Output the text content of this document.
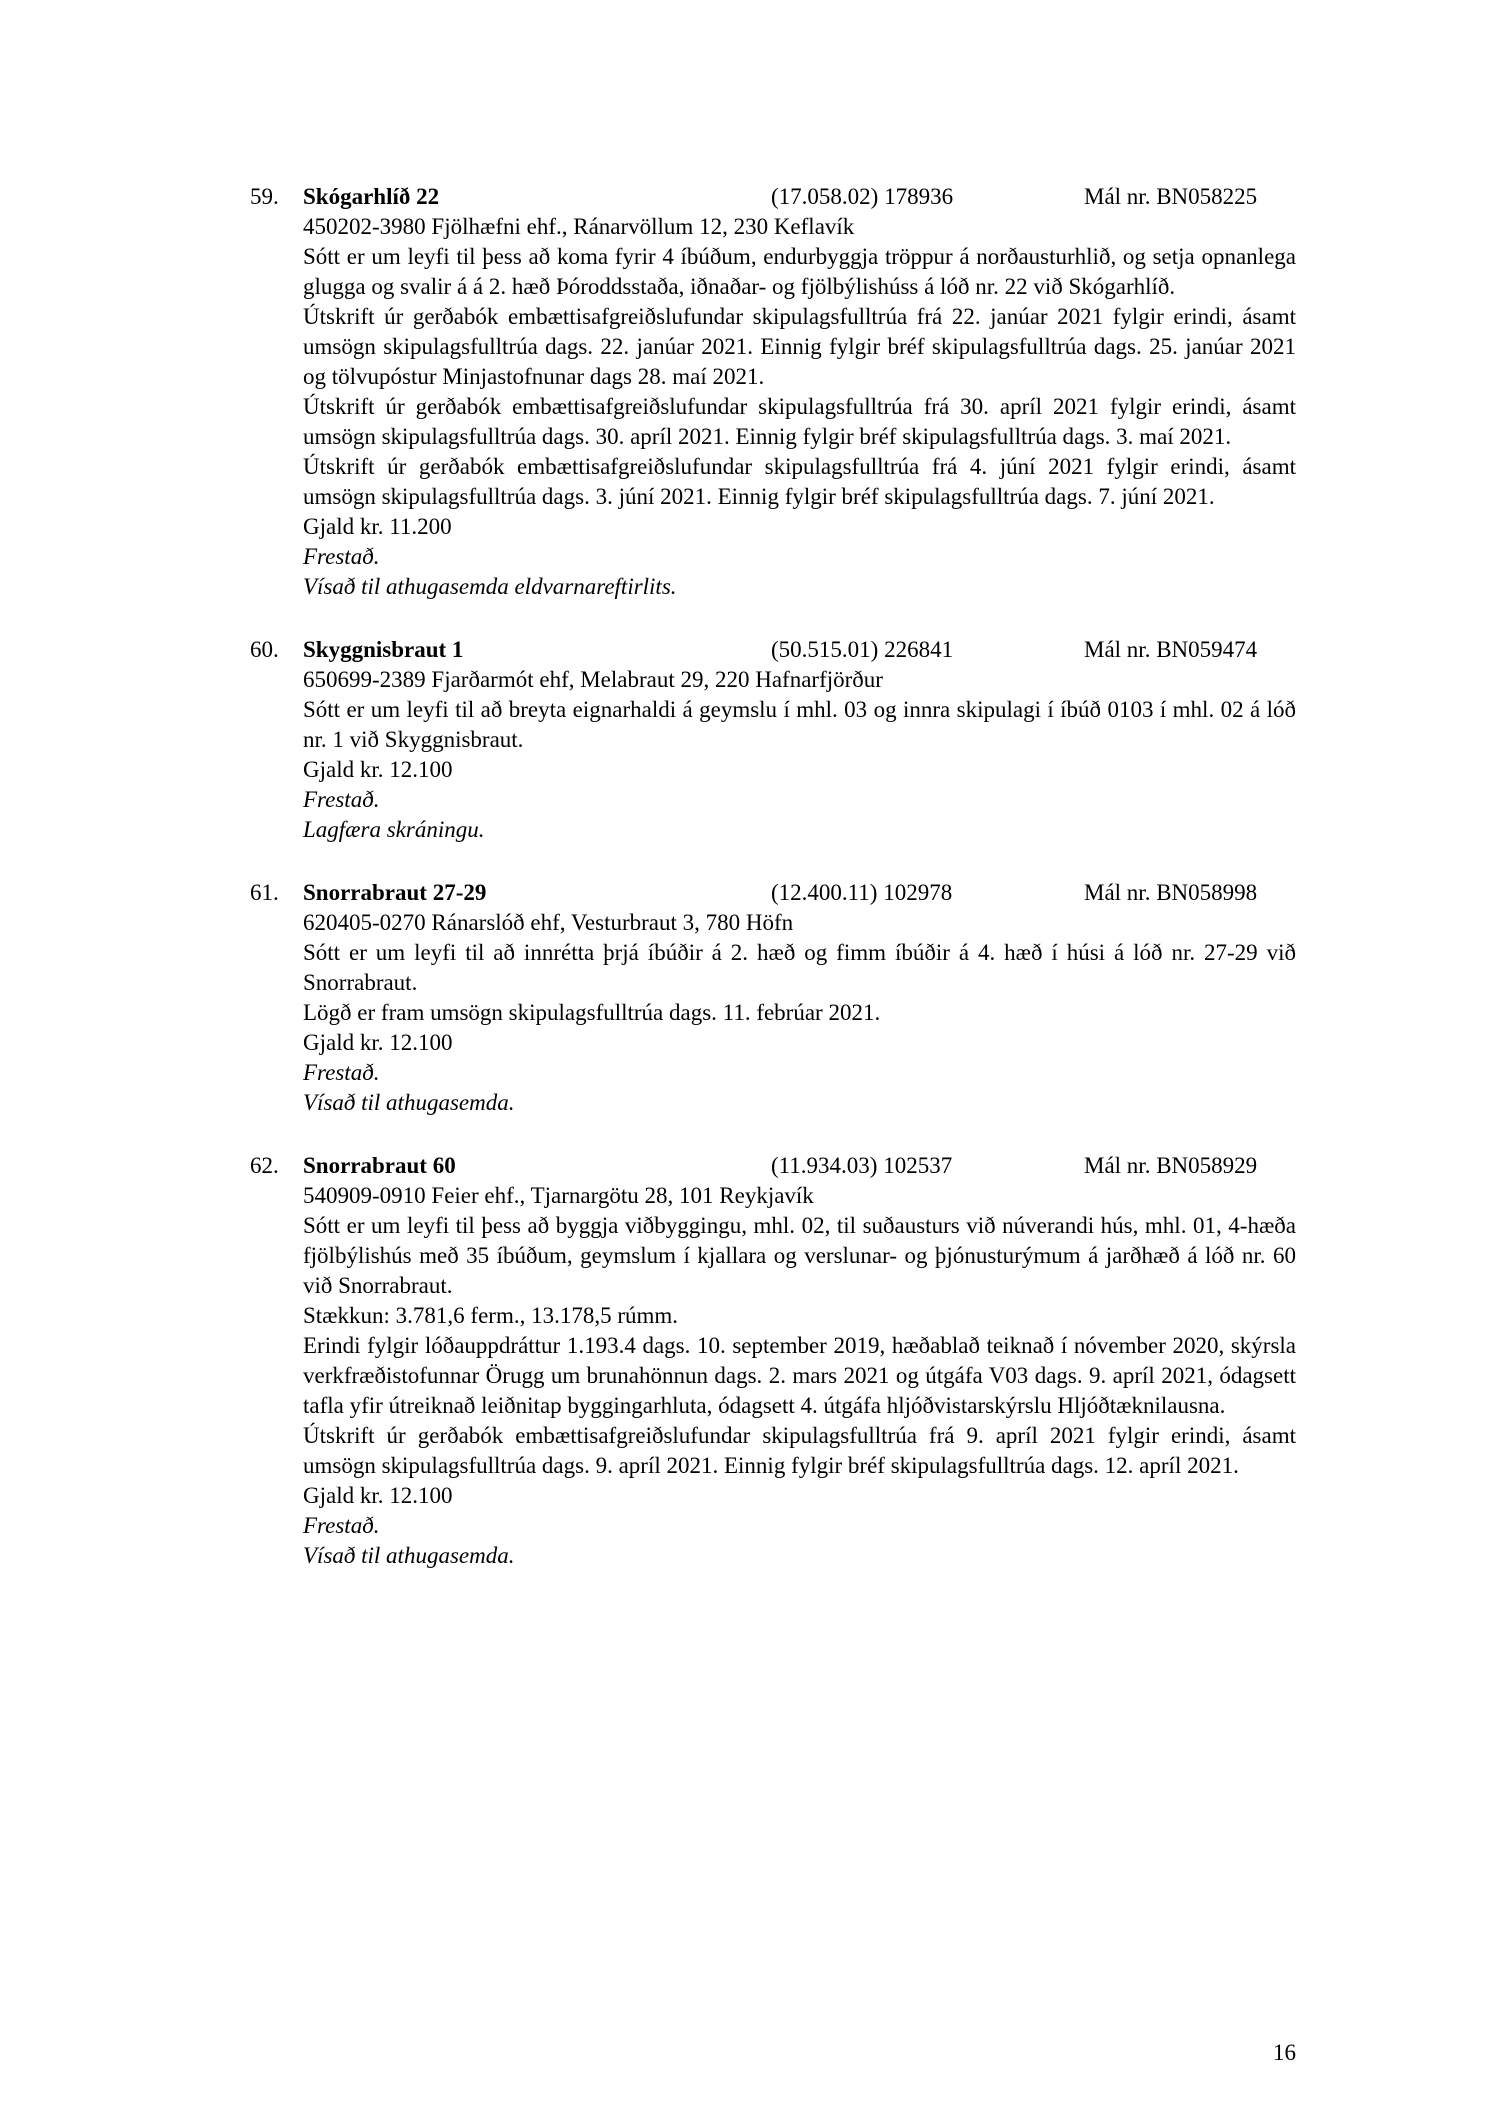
59.	Skógarhlíð 22	(17.058.02) 178936	Mál nr. BN058225

450202-3980 Fjölhæfni ehf., Ránarvöllum 12, 230 Keflavík

Sótt er um leyfi til þess að koma fyrir 4 íbúðum, endurbyggja tröppur á norðausturhlið, og setja opnanlega glugga og svalir á á 2. hæð Þóroddsstaða, iðnaðar- og fjölbýlishúss á lóð nr. 22 við Skógarhlíð.

Útskrift úr gerðabók embættisafgreiðslufundar skipulagsfulltrúa frá 22. janúar 2021 fylgir erindi, ásamt umsögn skipulagsfulltrúa dags. 22. janúar 2021. Einnig fylgir bréf skipulagsfulltrúa dags. 25. janúar 2021 og tölvupóstur Minjastofnunar dags 28. maí 2021.

Útskrift úr gerðabók embættisafgreiðslufundar skipulagsfulltrúa frá 30. apríl 2021 fylgir erindi, ásamt umsögn skipulagsfulltrúa dags. 30. apríl 2021. Einnig fylgir bréf skipulagsfulltrúa dags. 3. maí 2021.

Útskrift úr gerðabók embættisafgreiðslufundar skipulagsfulltrúa frá 4. júní 2021 fylgir erindi, ásamt umsögn skipulagsfulltrúa dags. 3. júní 2021. Einnig fylgir bréf skipulagsfulltrúa dags. 7. júní 2021.

Gjald kr. 11.200

Frestað.

Vísað til athugasemda eldvarnareftirlits.

60.	Skyggnisbraut 1	(50.515.01) 226841	Mál nr. BN059474

650699-2389 Fjarðarmót ehf, Melabraut 29, 220 Hafnarfjörður

Sótt er um leyfi til að breyta eignarhaldi á geymslu í mhl. 03 og innra skipulagi í íbúð 0103 í mhl. 02 á lóð nr. 1 við Skyggnisbraut.

Gjald kr. 12.100

Frestað.

Lagfæra skráningu.

61.	Snorrabraut 27-29	(12.400.11) 102978	Mál nr. BN058998

620405-0270 Ránarslóð ehf, Vesturbraut 3, 780 Höfn

Sótt er um leyfi til að innrétta þrjá íbúðir á 2. hæð og fimm íbúðir á 4. hæð í húsi á lóð nr. 27-29 við Snorrabraut.

Lögð er fram umsögn skipulagsfulltrúa dags. 11. febrúar 2021.

Gjald kr. 12.100

Frestað.

Vísað til athugasemda.

62.	Snorrabraut 60	(11.934.03) 102537	Mál nr. BN058929

540909-0910 Feier ehf., Tjarnargötu 28, 101 Reykjavík

Sótt er um leyfi til þess að byggja viðbyggingu, mhl. 02, til suðausturs við núverandi hús, mhl. 01, 4-hæða fjölbýlishús með 35 íbúðum, geymslum í kjallara og verslunar- og þjónusturýmum á jarðhæð á lóð nr. 60 við Snorrabraut.

Stækkun: 3.781,6 ferm., 13.178,5 rúmm.

Erindi fylgir lóðauppdráttur 1.193.4 dags. 10. september 2019, hæðablað teiknað í nóvember 2020, skýrsla verkfræðistofunnar Örugg um brunahönnun dags. 2. mars 2021 og útgáfa V03 dags. 9. apríl 2021, ódagsett tafla yfir útreiknað leiðnitap byggingarhluta, ódagsett 4. útgáfa hljóðvistarskýrslu Hljóðtæknilausna.

Útskrift úr gerðabók embættisafgreiðslufundar skipulagsfulltrúa frá 9. apríl 2021 fylgir erindi, ásamt umsögn skipulagsfulltrúa dags. 9. apríl 2021. Einnig fylgir bréf skipulagsfulltrúa dags. 12. apríl 2021.

Gjald kr. 12.100

Frestað.

Vísað til athugasemda.

16
